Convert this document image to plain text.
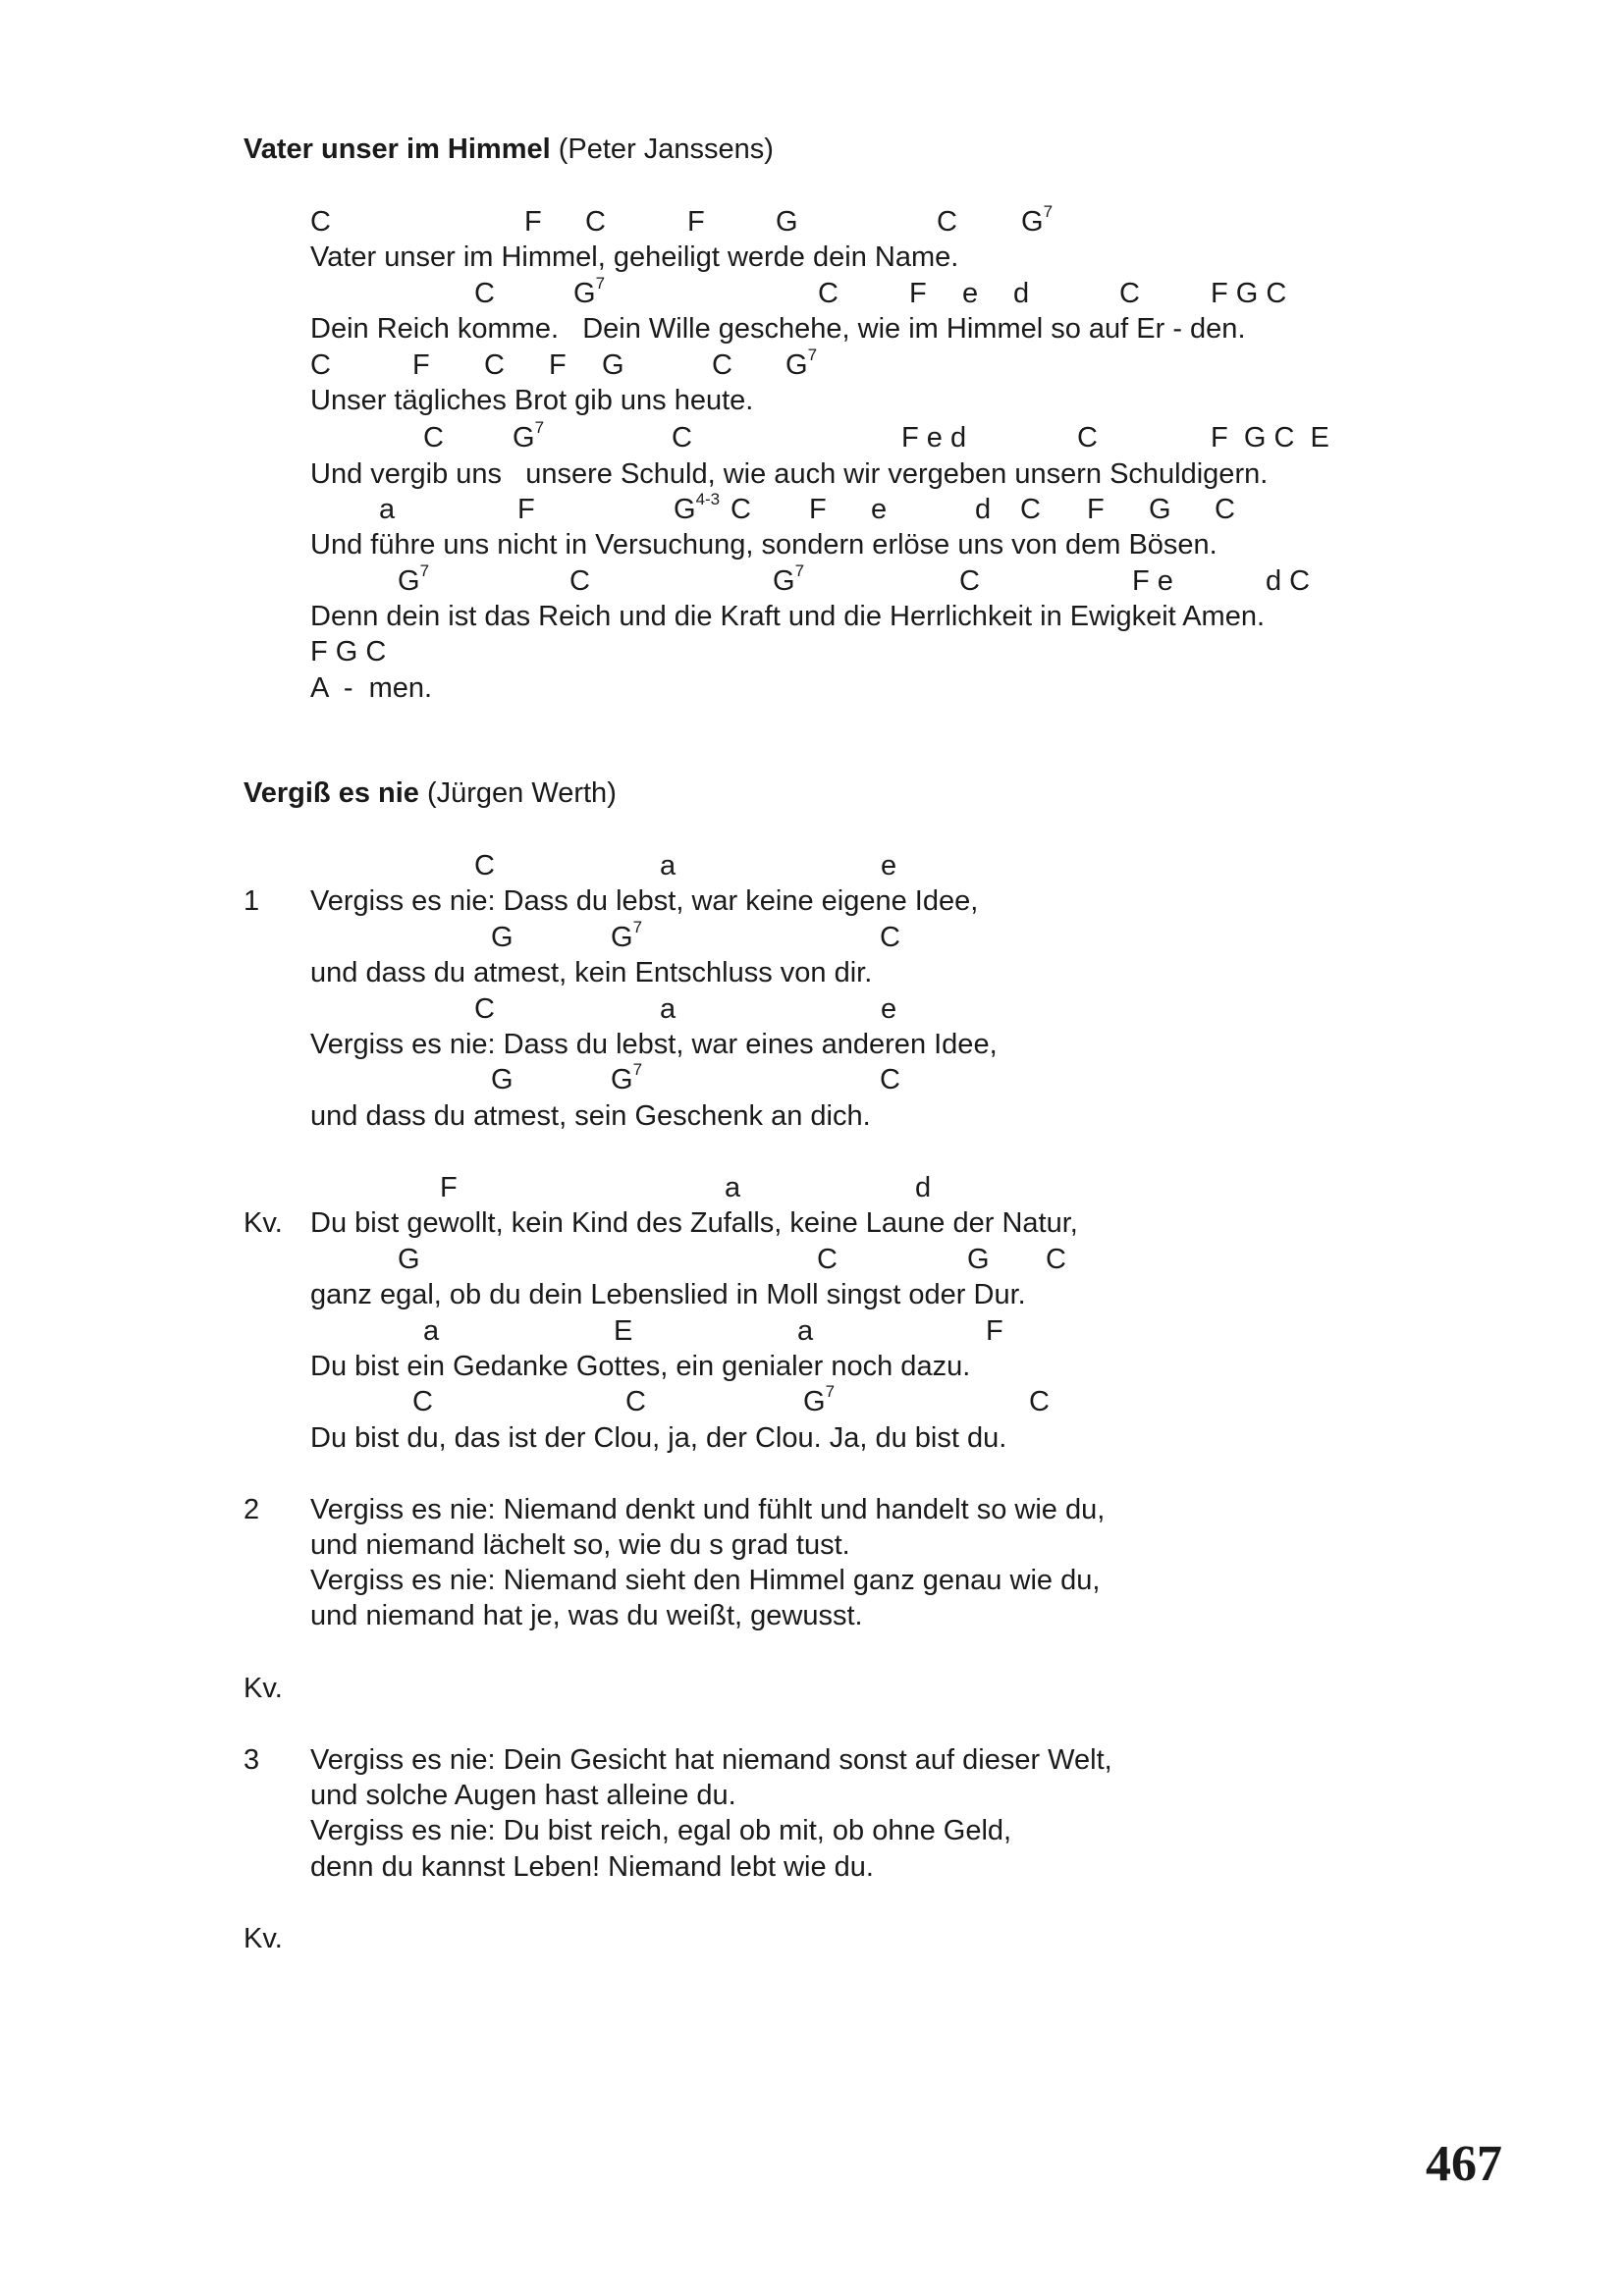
Vater unser im Himmel (Peter Janssens)
Vater unser im Himmel, geheiligt werde dein Name.
Dein Reich komme.   Dein Wille geschehe, wie im Himmel so auf Er - den.
Unser tägliches Brot gib uns heute.
Und vergib uns   unsere Schuld, wie auch wir vergeben unsern Schuldigern.
Und führe uns nicht in Versuchung, sondern erlöse uns von dem Bösen.
Denn dein ist das Reich und die Kraft und die Herrlichkeit in Ewigkeit Amen.
A  -  men.
Vergiß es nie (Jürgen Werth)
1 Vergiss es nie: Dass du lebst, war keine eigene Idee,
und dass du atmest, kein Entschluss von dir.
Vergiss es nie: Dass du lebst, war eines anderen Idee,
und dass du atmest, sein Geschenk an dich.
Kv. Du bist gewollt, kein Kind des Zufalls, keine Laune der Natur,
ganz egal, ob du dein Lebenslied in Moll singst oder Dur.
Du bist ein Gedanke Gottes, ein genialer noch dazu.
Du bist du, das ist der Clou, ja, der Clou. Ja, du bist du.
2 Vergiss es nie: Niemand denkt und fühlt und handelt so wie du,
und niemand lächelt so, wie du s grad tust.
Vergiss es nie: Niemand sieht den Himmel ganz genau wie du,
und niemand hat je, was du weißt, gewusst.
Kv.
3 Vergiss es nie: Dein Gesicht hat niemand sonst auf dieser Welt,
und solche Augen hast alleine du.
Vergiss es nie: Du bist reich, egal ob mit, ob ohne Geld,
denn du kannst Leben! Niemand lebt wie du.
Kv.
467
C	F C	F G	C $G^7$
C	$G^7$	C F e d	C F G C
C	F C F G	C $G^7$
C $G^7$	C	F e d	C	F  G C  E
a	F	$G^{4-3}$ C F e	d C F G C
$G^7$	C	$G^7$	C	F e	d C
F G C
C	a	e
G	$G^7$	C
C	a	e
G	$G^7$	C
F	a	d
G	C	G C
a	E	a	F
C	C	$G^7$	C
